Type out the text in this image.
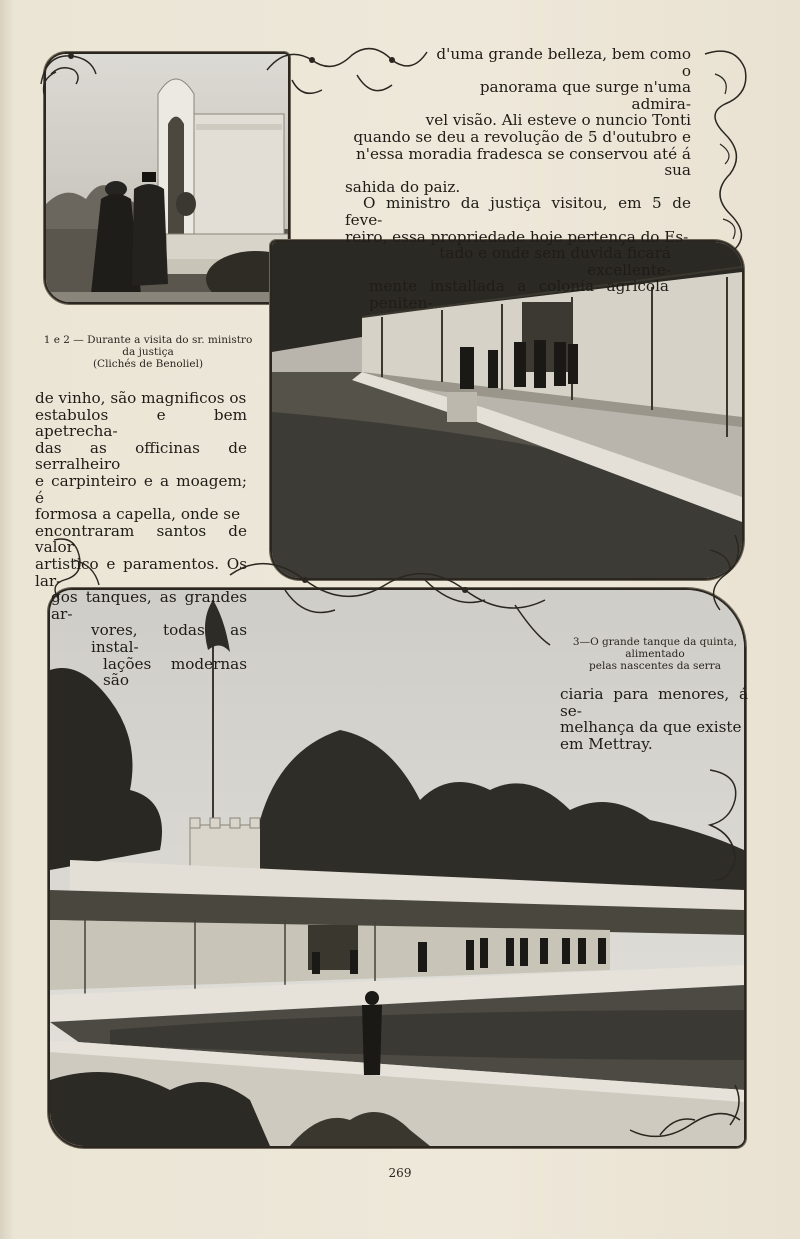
d'uma grande belleza, bem como o

panorama que surge n'uma admira-

vel visão. Ali esteve o nuncio Tonti

quando se deu a revolução de 5 d'outubro e

n'essa moradia fradesca se conservou até á sua

sahida do paiz.

O ministro da justiça visitou, em 5 de feve-

reiro, essa propriedade hoje pertença do Es-

tado e onde sem duvida ficará excellente-

mente installada a colonia agricola peniten-

1 e 2 — Durante a visita do sr. ministro
da justiça
(Clichés de Benoliel)

de vinho, são magnificos os

estabulos e bem apetrecha-

das as officinas de serralheiro

e carpinteiro e a moagem; é

formosa a capella, onde se

encontraram santos de valor

artistico e paramentos. Os lar-

gos tanques, as grandes ar-

vores, todas as instal-

lações modernas são

3—O grande tanque da quinta,
alimentado
pelas nascentes da serra

ciaria para menores, á se-

melhança da que existe

em Mettray.

269
